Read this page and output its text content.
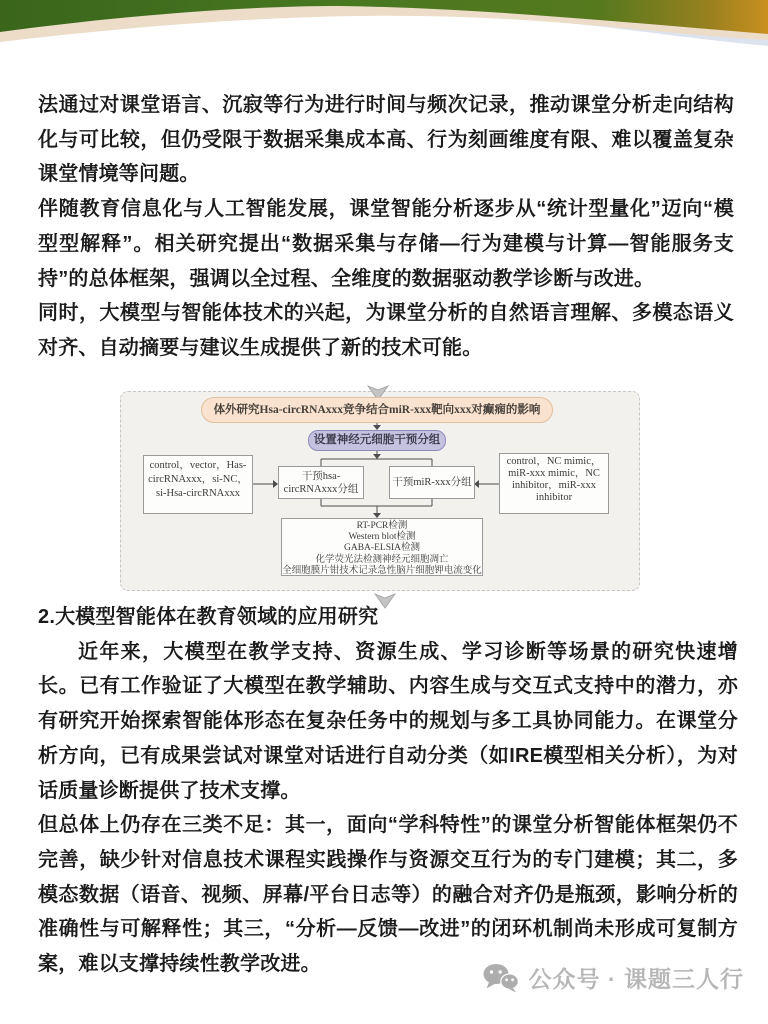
法通过对课堂语言、沉寂等行为进行时间与频次记录，推动课堂分析走向结构化与可比较，但仍受限于数据采集成本高、行为刻画维度有限、难以覆盖复杂课堂情境等问题。

伴随教育信息化与人工智能发展，课堂智能分析逐步从“统计型量化”迈向“模型型解释”。相关研究提出“数据采集与存储—行为建模与计算—智能服务支持”的总体框架，强调以全过程、全维度的数据驱动教学诊断与改进。

同时，大模型与智能体技术的兴起，为课堂分析的自然语言理解、多模态语义对齐、自动摘要与建议生成提供了新的技术可能。

体外研究Hsa-circRNAxxx竞争结合miR-xxx靶向xxx对癫痫的影响
设置神经元细胞干预分组
control，vector，Has-circRNAxxx，si-NC，si-Hsa-circRNAxxx
干预hsa-circRNAxxx分组
干预miR-xxx分组
control，NC mimic，miR-xxx mimic，NC inhibitor，miR-xxx inhibitor
RT-PCR检测
Western blot检测
GABA-ELSIA检测
化学荧光法检测神经元细胞凋亡
全细胞膜片钳技术记录急性脑片细胞钾电流变化
2.大模型智能体在教育领域的应用研究

近年来，大模型在教学支持、资源生成、学习诊断等场景的研究快速增长。已有工作验证了大模型在教学辅助、内容生成与交互式支持中的潜力，亦有研究开始探索智能体形态在复杂任务中的规划与多工具协同能力。在课堂分析方向，已有成果尝试对课堂对话进行自动分类（如IRE模型相关分析），为对话质量诊断提供了技术支撑。

但总体上仍存在三类不足：其一，面向“学科特性”的课堂分析智能体框架仍不完善，缺少针对信息技术课程实践操作与资源交互行为的专门建模；其二，多模态数据（语音、视频、屏幕/平台日志等）的融合对齐仍是瓶颈，影响分析的准确性与可解释性；其三，“分析—反馈—改进”的闭环机制尚未形成可复制方案，难以支撑持续性教学改进。

公众号 · 课题三人行
